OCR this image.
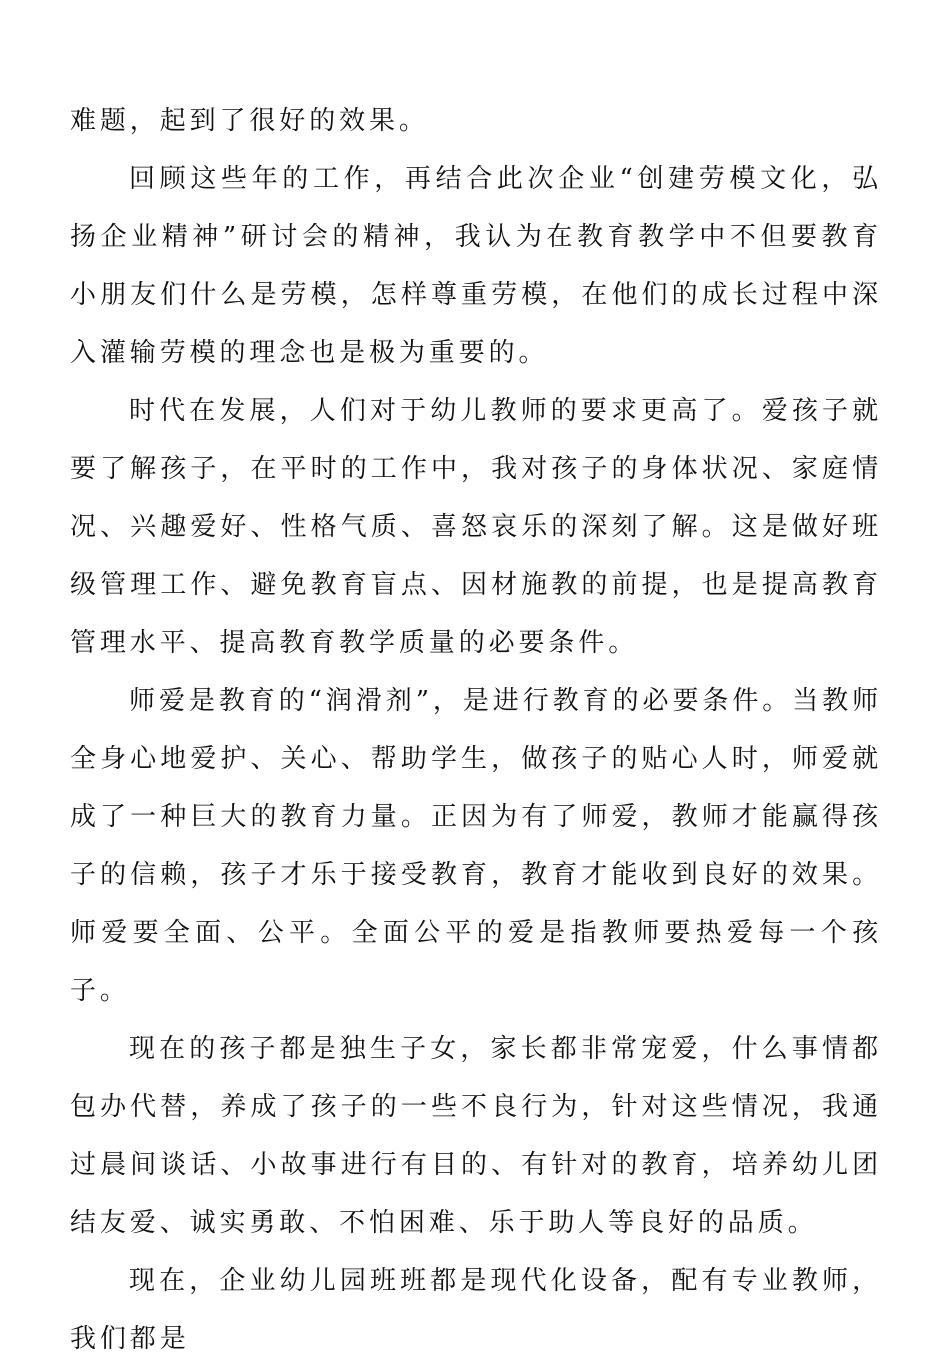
难题，起到了很好的效果。

回顾这些年的工作，再结合此次企业“创建劳模文化，弘扬企业精神”研讨会的精神，我认为在教育教学中不但要教育小朋友们什么是劳模，怎样尊重劳模，在他们的成长过程中深入灌输劳模的理念也是极为重要的。

时代在发展，人们对于幼儿教师的要求更高了。爱孩子就要了解孩子，在平时的工作中，我对孩子的身体状况、家庭情况、兴趣爱好、性格气质、喜怒哀乐的深刻了解。这是做好班级管理工作、避免教育盲点、因材施教的前提，也是提高教育管理水平、提高教育教学质量的必要条件。

师爱是教育的“润滑剂”，是进行教育的必要条件。当教师全身心地爱护、关心、帮助学生，做孩子的贴心人时，师爱就成了一种巨大的教育力量。正因为有了师爱，教师才能赢得孩子的信赖，孩子才乐于接受教育，教育才能收到良好的效果。师爱要全面、公平。全面公平的爱是指教师要热爱每一个孩子。

现在的孩子都是独生子女，家长都非常宠爱，什么事情都包办代替，养成了孩子的一些不良行为，针对这些情况，我通过晨间谈话、小故事进行有目的、有针对的教育，培养幼儿团结友爱、诚实勇敢、不怕困难、乐于助人等良好的品质。

现在，企业幼儿园班班都是现代化设备，配有专业教师，我们都是
